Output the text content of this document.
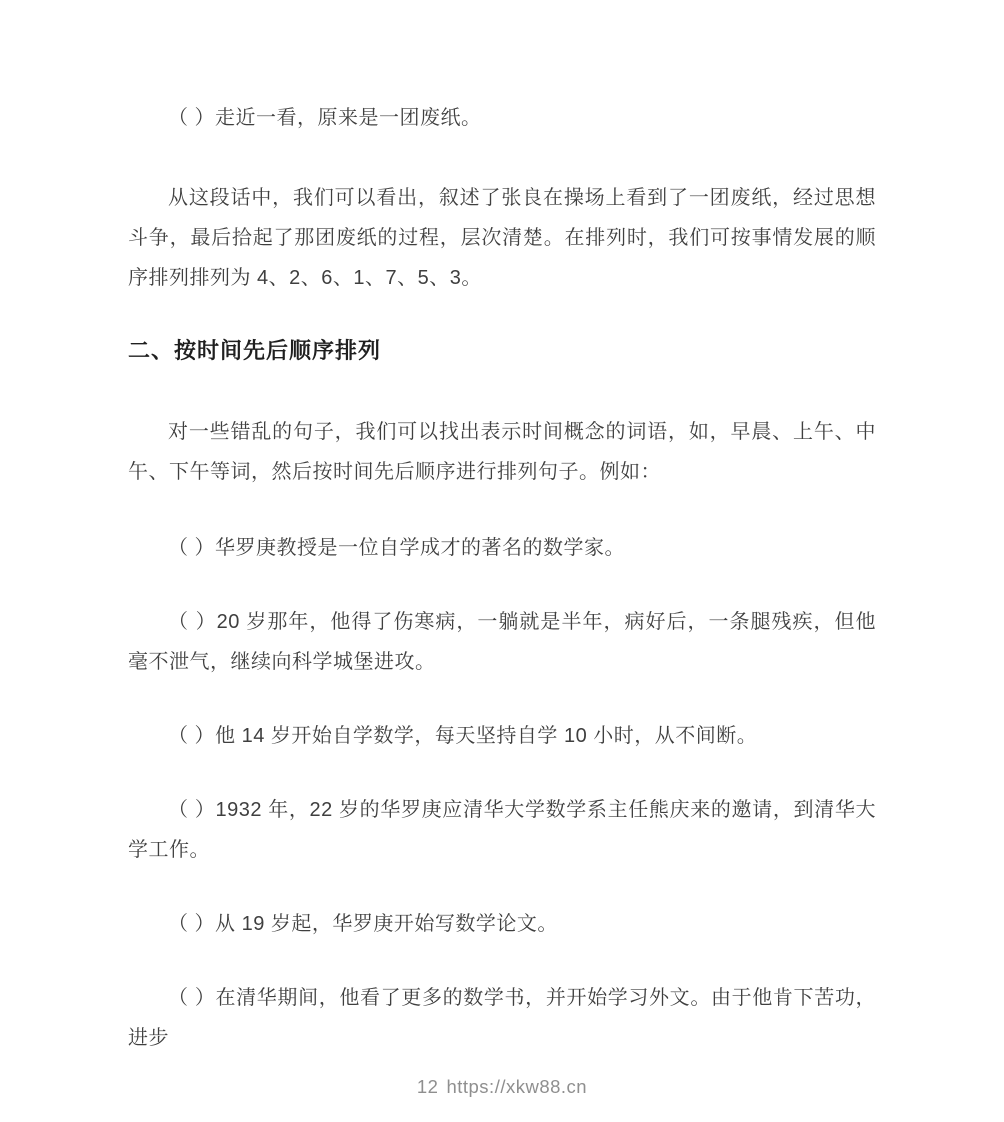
（ ）走近一看，原来是一团废纸。

从这段话中，我们可以看出，叙述了张良在操场上看到了一团废纸，经过思想斗争，最后拾起了那团废纸的过程，层次清楚。在排列时，我们可按事情发展的顺序排列排列为 4、2、6、1、7、5、3。

二、按时间先后顺序排列

对一些错乱的句子，我们可以找出表示时间概念的词语，如，早晨、上午、中午、下午等词，然后按时间先后顺序进行排列句子。例如：

（ ）华罗庚教授是一位自学成才的著名的数学家。

（ ）20 岁那年，他得了伤寒病，一躺就是半年，病好后，一条腿残疾，但他毫不泄气，继续向科学城堡进攻。

（ ）他 14 岁开始自学数学，每天坚持自学 10 小时，从不间断。

（ ）1932 年，22 岁的华罗庚应清华大学数学系主任熊庆来的邀请，到清华大学工作。

（ ）从 19 岁起，华罗庚开始写数学论文。

（ ）在清华期间，他看了更多的数学书，并开始学习外文。由于他肯下苦功，进步

12 https://xkw88.cn
